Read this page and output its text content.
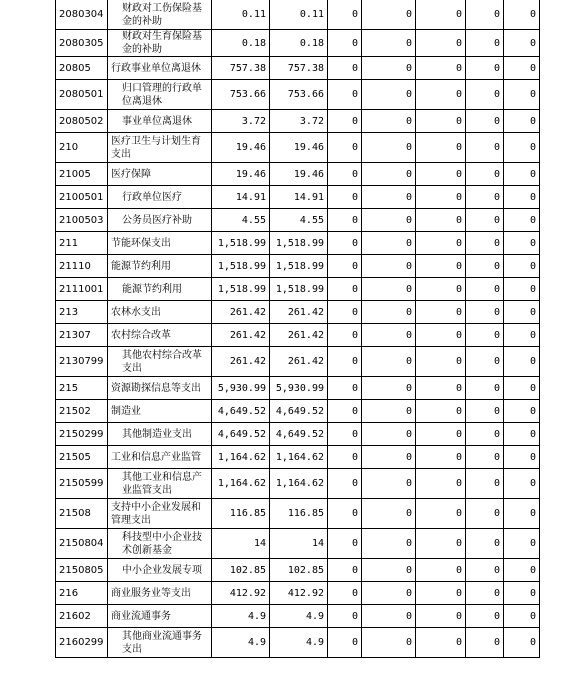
2080304	财政对工伤保险基金的补助	0.11	0.11	0	0	0	0	0
2080305	财政对生育保险基金的补助	0.18	0.18	0	0	0	0	0
20805	行政事业单位离退休	757.38	757.38	0	0	0	0	0
2080501	归口管理的行政单位离退休	753.66	753.66	0	0	0	0	0
2080502	事业单位离退休	3.72	3.72	0	0	0	0	0
210	医疗卫生与计划生育支出	19.46	19.46	0	0	0	0	0
21005	医疗保障	19.46	19.46	0	0	0	0	0
2100501	行政单位医疗	14.91	14.91	0	0	0	0	0
2100503	公务员医疗补助	4.55	4.55	0	0	0	0	0
211	节能环保支出	1,518.99	1,518.99	0	0	0	0	0
21110	能源节约利用	1,518.99	1,518.99	0	0	0	0	0
2111001	能源节约利用	1,518.99	1,518.99	0	0	0	0	0
213	农林水支出	261.42	261.42	0	0	0	0	0
21307	农村综合改革	261.42	261.42	0	0	0	0	0
2130799	其他农村综合改革支出	261.42	261.42	0	0	0	0	0
215	资源勘探信息等支出	5,930.99	5,930.99	0	0	0	0	0
21502	制造业	4,649.52	4,649.52	0	0	0	0	0
2150299	其他制造业支出	4,649.52	4,649.52	0	0	0	0	0
21505	工业和信息产业监管	1,164.62	1,164.62	0	0	0	0	0
2150599	其他工业和信息产业监管支出	1,164.62	1,164.62	0	0	0	0	0
21508	支持中小企业发展和管理支出	116.85	116.85	0	0	0	0	0
2150804	科技型中小企业技术创新基金	14	14	0	0	0	0	0
2150805	中小企业发展专项	102.85	102.85	0	0	0	0	0
216	商业服务业等支出	412.92	412.92	0	0	0	0	0
21602	商业流通事务	4.9	4.9	0	0	0	0	0
2160299	其他商业流通事务支出	4.9	4.9	0	0	0	0	0
